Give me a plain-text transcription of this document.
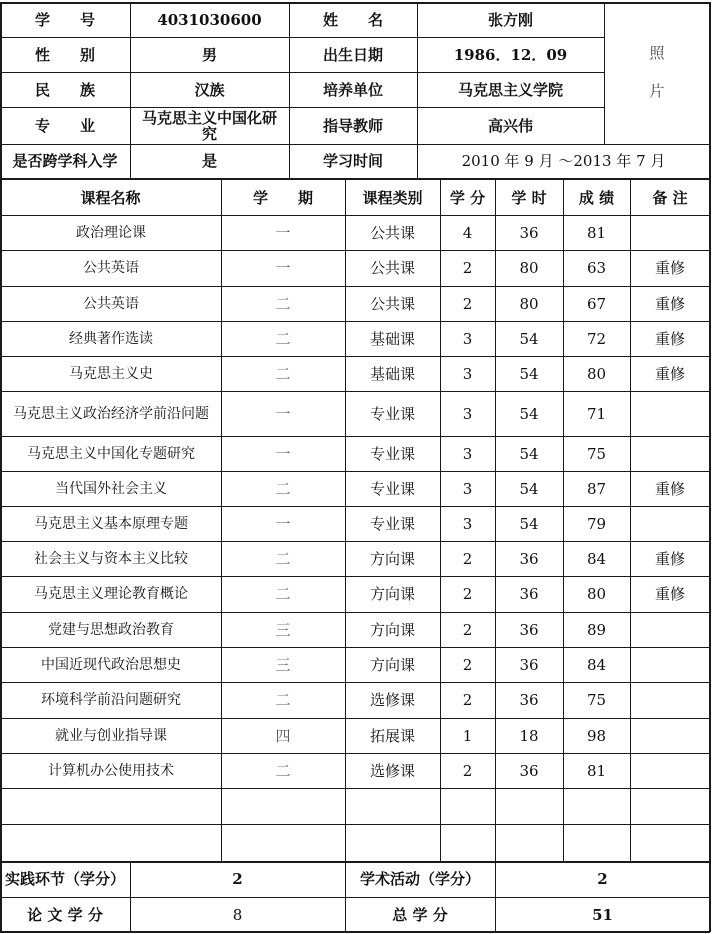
学　　号	4031030600	姓　　名	张方刚
性　　别	男	出生日期	1986．12．09
民　　族	汉族	培养单位	马克思主义学院
专　　业	马克思主义中国化研究	指导教师	高兴伟
照
片
是否跨学科入学	是	学习时间	2010 年 9 月 ～2013 年 7 月
课程名称	学　　期	课程类别	学 分	学 时	成 绩	备 注
政治理论课	一	公共课	4	36	81
公共英语	一	公共课	2	80	63	重修
公共英语	二	公共课	2	80	67	重修
经典著作选读	二	基础课	3	54	72	重修
马克思主义史	二	基础课	3	54	80	重修
马克思主义政治经济学前沿问题	一	专业课	3	54	71
马克思主义中国化专题研究	一	专业课	3	54	75
当代国外社会主义	二	专业课	3	54	87	重修
马克思主义基本原理专题	一	专业课	3	54	79
社会主义与资本主义比较	二	方向课	2	36	84	重修
马克思主义理论教育概论	二	方向课	2	36	80	重修
党建与思想政治教育	三	方向课	2	36	89
中国近现代政治思想史	三	方向课	2	36	84
环境科学前沿问题研究	二	选修课	2	36	75
就业与创业指导课	四	拓展课	1	18	98
计算机办公使用技术	二	选修课	2	36	81
实践环节（学分）	2	学术活动（学分）	2
论 文 学 分	8	总 学 分	51
